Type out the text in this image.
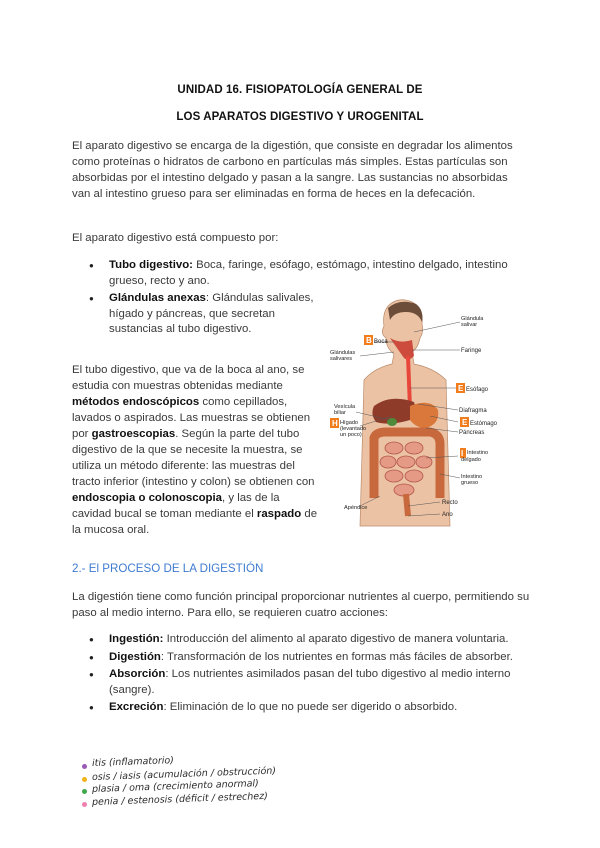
UNIDAD 16. FISIOPATOLOGÍA GENERAL DE
LOS APARATOS DIGESTIVO Y UROGENITAL

El aparato digestivo se encarga de la digestión, que consiste en degradar los alimentos como proteínas o hidratos de carbono en partículas más simples. Estas partículas son absorbidas por el intestino delgado y pasan a la sangre. Las sustancias no absorbidas van al intestino grueso para ser eliminadas en forma de heces en la defecación.

El aparato digestivo está compuesto por:

● Tubo digestivo: Boca, faringe, esófago, estómago, intestino delgado, intestino grueso, recto y ano.
● Glándulas anexas: Glándulas salivales, hígado y páncreas, que secretan sustancias al tubo digestivo.

El tubo digestivo, que va de la boca al ano, se estudia con muestras obtenidas mediante métodos endoscópicos como cepillados, lavados o aspirados. Las muestras se obtienen por gastroescopias. Según la parte del tubo digestivo de la que se necesite la muestra, se utiliza un método diferente: las muestras del tracto inferior (intestino y colon) se obtienen con endoscopia o colonoscopia, y las de la cavidad bucal se toman mediante el raspado de la mucosa oral.

B
E
H	E
I
Glándula salivar
Boca
Faringe
Glándulas salivares
Esófago
Vesícula biliar	Diafragma
Hígado (levantado un poco)
Estómago
Páncreas
Intestino delgado
Intestino grueso
Apéndice
Recto
Ano
2.- El PROCESO DE LA DIGESTIÓN

La digestión tiene como función principal proporcionar nutrientes al cuerpo, permitiendo su paso al medio interno. Para ello, se requieren cuatro acciones:

● Ingestión: Introducción del alimento al aparato digestivo de manera voluntaria.
● Digestión: Transformación de los nutrientes en formas más fáciles de absorber.
● Absorción: Los nutrientes asimilados pasan del tubo digestivo al medio interno (sangre).
● Excreción: Eliminación de lo que no puede ser digerido o absorbido.
itis (inflamatorio)
osis / iasis (acumulación / obstrucción)
plasia / oma (crecimiento anormal)
penia / estenosis (déficit / estrechez)
